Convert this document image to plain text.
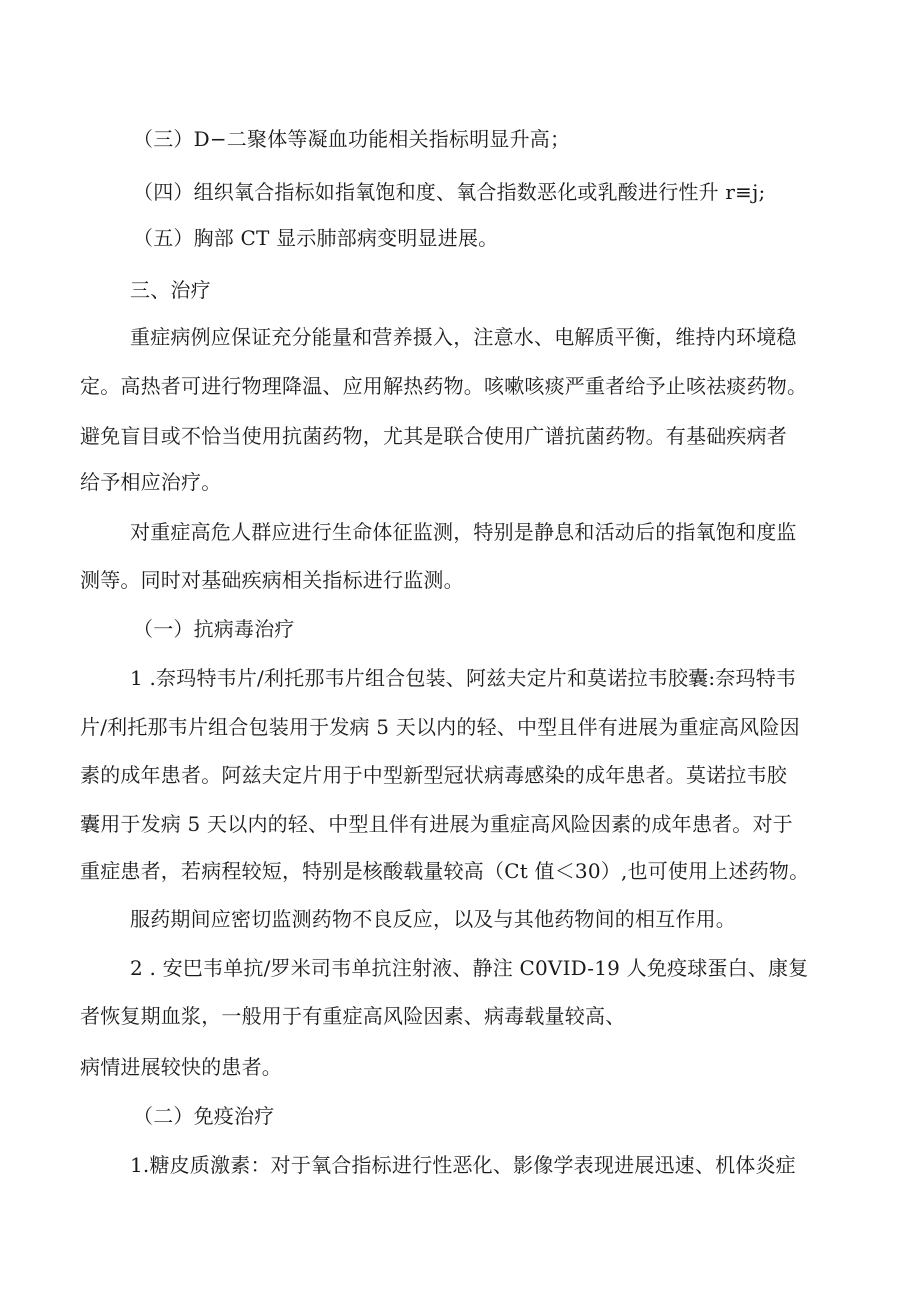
（三）D−二聚体等凝血功能相关指标明显升高；
（四）组织氧合指标如指氧饱和度、氧合指数恶化或乳酸进行性升 r≡j;
（五）胸部 CT 显示肺部病变明显进展。
三、治疗
重症病例应保证充分能量和营养摄入，注意水、电解质平衡，维持内环境稳
定。高热者可进行物理降温、应用解热药物。咳嗽咳痰严重者给予止咳祛痰药物。
避免盲目或不恰当使用抗菌药物，尤其是联合使用广谱抗菌药物。有基础疾病者
给予相应治疗。
对重症高危人群应进行生命体征监测，特别是静息和活动后的指氧饱和度监
测等。同时对基础疾病相关指标进行监测。
（一）抗病毒治疗
1 .奈玛特韦片/利托那韦片组合包装、阿兹夫定片和莫诺拉韦胶囊:奈玛特韦
片/利托那韦片组合包装用于发病 5 天以内的轻、中型且伴有进展为重症高风险因
素的成年患者。阿兹夫定片用于中型新型冠状病毒感染的成年患者。莫诺拉韦胶
囊用于发病 5 天以内的轻、中型且伴有进展为重症高风险因素的成年患者。对于
重症患者，若病程较短，特别是核酸载量较高（Ct 值＜30）,也可使用上述药物。
服药期间应密切监测药物不良反应，以及与其他药物间的相互作用。
2 . 安巴韦单抗/罗米司韦单抗注射液、静注 C0VID-19 人免疫球蛋白、康复
者恢复期血浆，一般用于有重症高风险因素、病毒载量较高、
病情进展较快的患者。
（二）免疫治疗
1.糖皮质激素：对于氧合指标进行性恶化、影像学表现进展迅速、机体炎症
